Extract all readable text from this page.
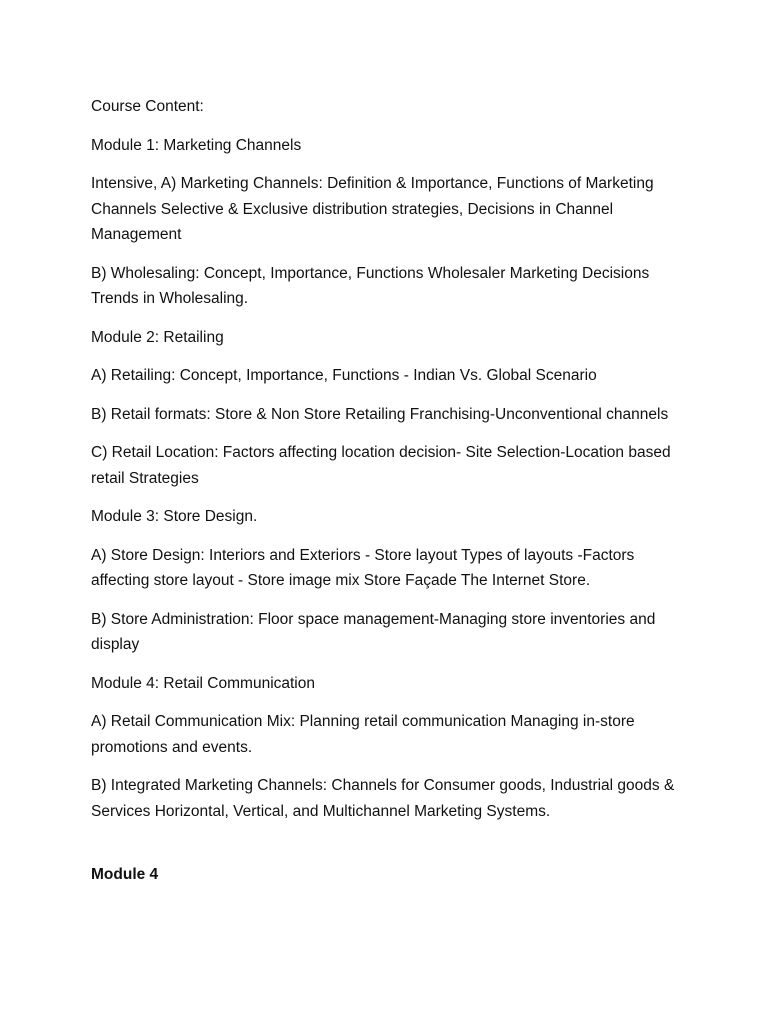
Course Content:

Module 1: Marketing Channels

Intensive, A) Marketing Channels: Definition & Importance, Functions of Marketing Channels Selective & Exclusive distribution strategies, Decisions in Channel Management

B) Wholesaling: Concept, Importance, Functions Wholesaler Marketing Decisions Trends in Wholesaling.

Module 2: Retailing

A) Retailing: Concept, Importance, Functions - Indian Vs. Global Scenario

B) Retail formats: Store & Non Store Retailing Franchising-Unconventional channels

C) Retail Location: Factors affecting location decision- Site Selection-Location based retail Strategies

Module 3: Store Design.

A) Store Design: Interiors and Exteriors - Store layout Types of layouts -Factors affecting store layout - Store image mix Store Façade The Internet Store.

B) Store Administration: Floor space management-Managing store inventories and display

Module 4: Retail Communication

A) Retail Communication Mix: Planning retail communication Managing in-store promotions and events.

B) Integrated Marketing Channels: Channels for Consumer goods, Industrial goods & Services Horizontal, Vertical, and Multichannel Marketing Systems.

Module 4
